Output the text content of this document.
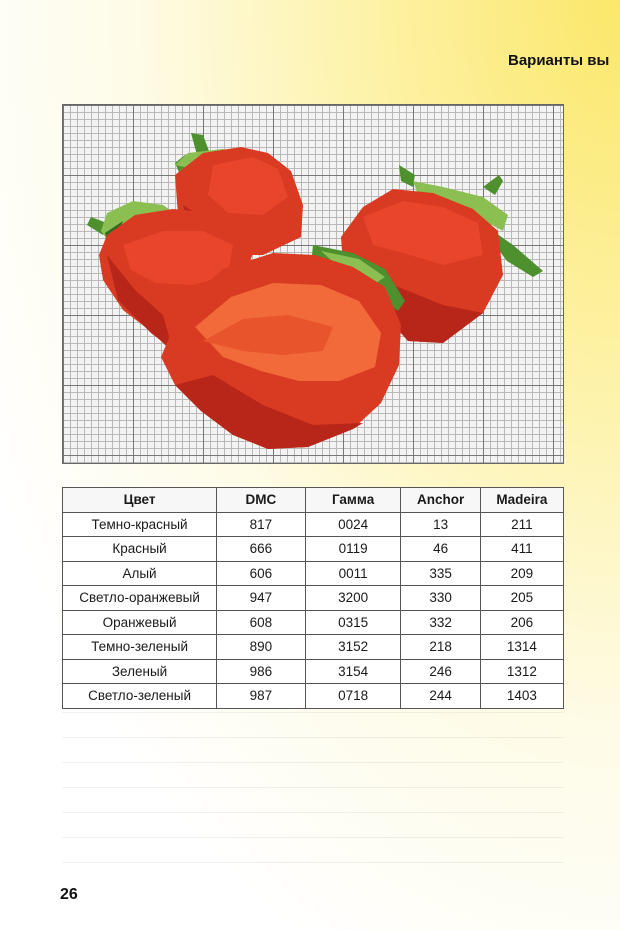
Варианты вы
Цвет	DMC	Гамма	Anchor	Madeira
Темно-красный	817	0024	13	211
Красный	666	0119	46	411
Алый	606	0011	335	209
Светло-оранжевый	947	3200	330	205
Оранжевый	608	0315	332	206
Темно-зеленый	890	3152	218	1314
Зеленый	986	3154	246	1312
Светло-зеленый	987	0718	244	1403
26
